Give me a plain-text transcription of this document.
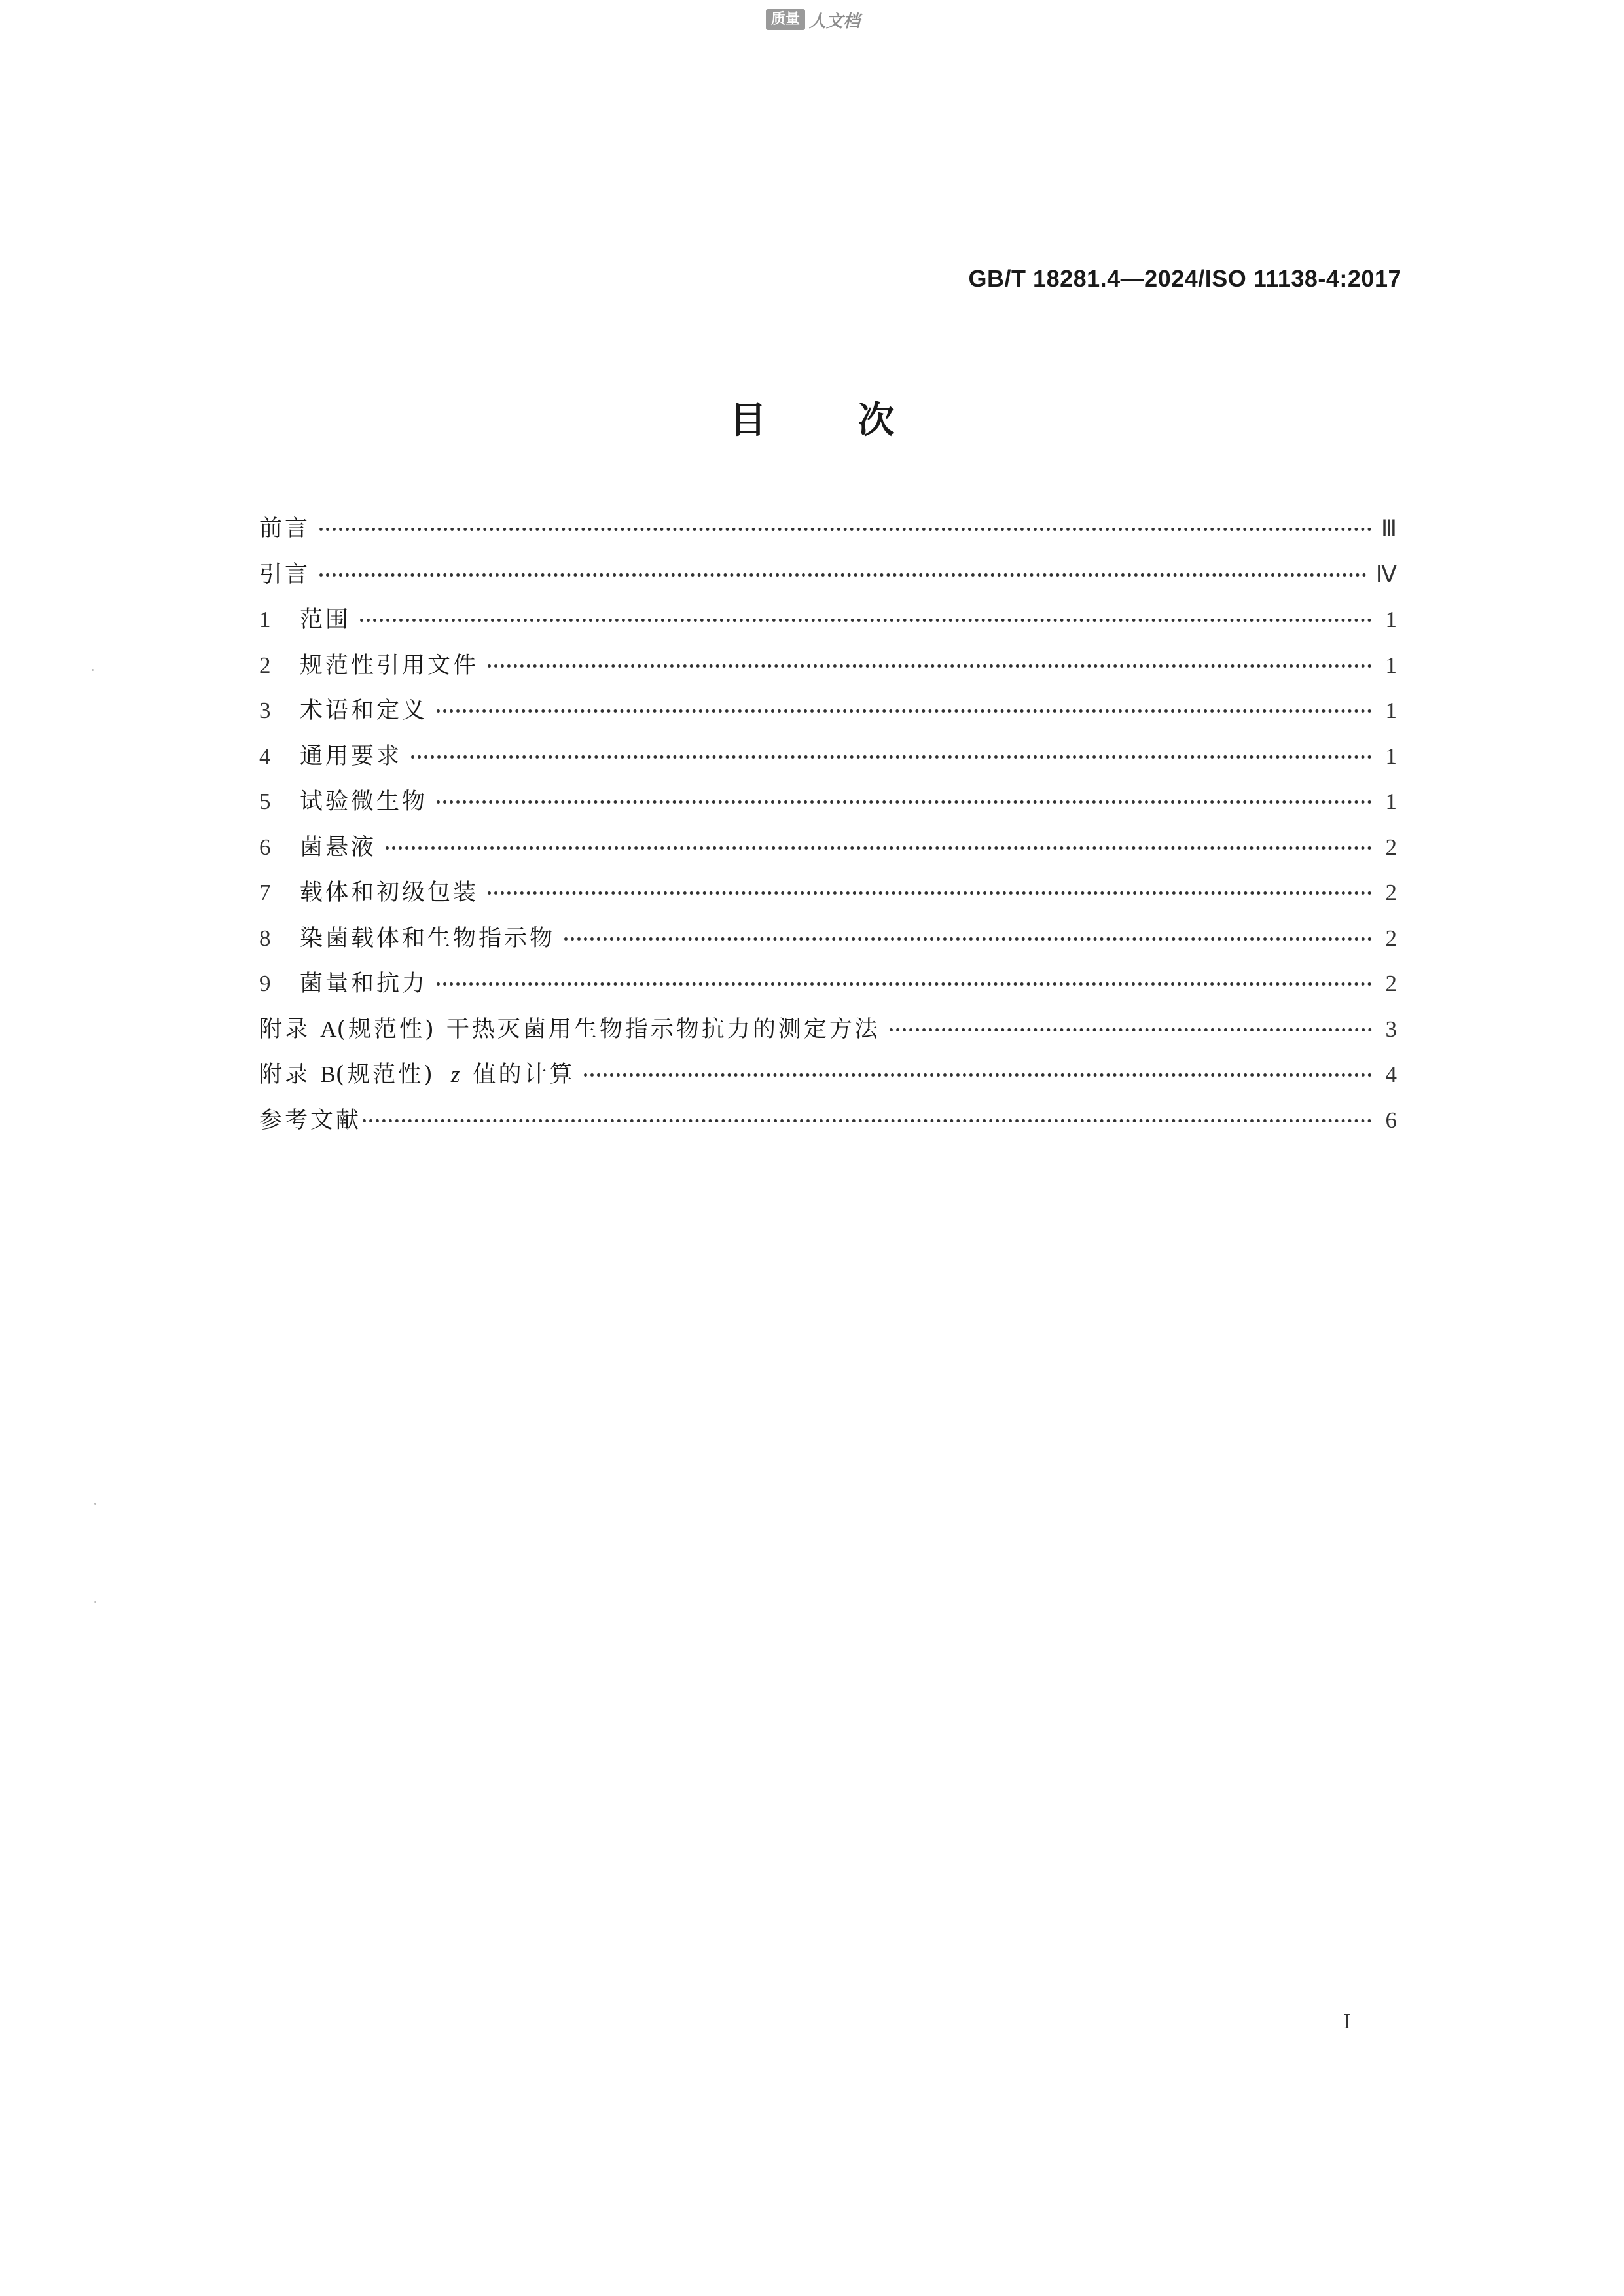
质量 人文档
GB/T 18281.4—2024/ISO 11138-4:2017
目次
前言	Ⅲ
引言	Ⅳ
1	范围	1
2	规范性引用文件	1
3	术语和定义	1
4	通用要求	1
5	试验微生物	1
6	菌悬液	2
7	载体和初级包装	2
8	染菌载体和生物指示物	2
9	菌量和抗力	2
附录 A(规范性) 干热灭菌用生物指示物抗力的测定方法	3
附录 B(规范性) z 值的计算	4
参考文献	6
I
